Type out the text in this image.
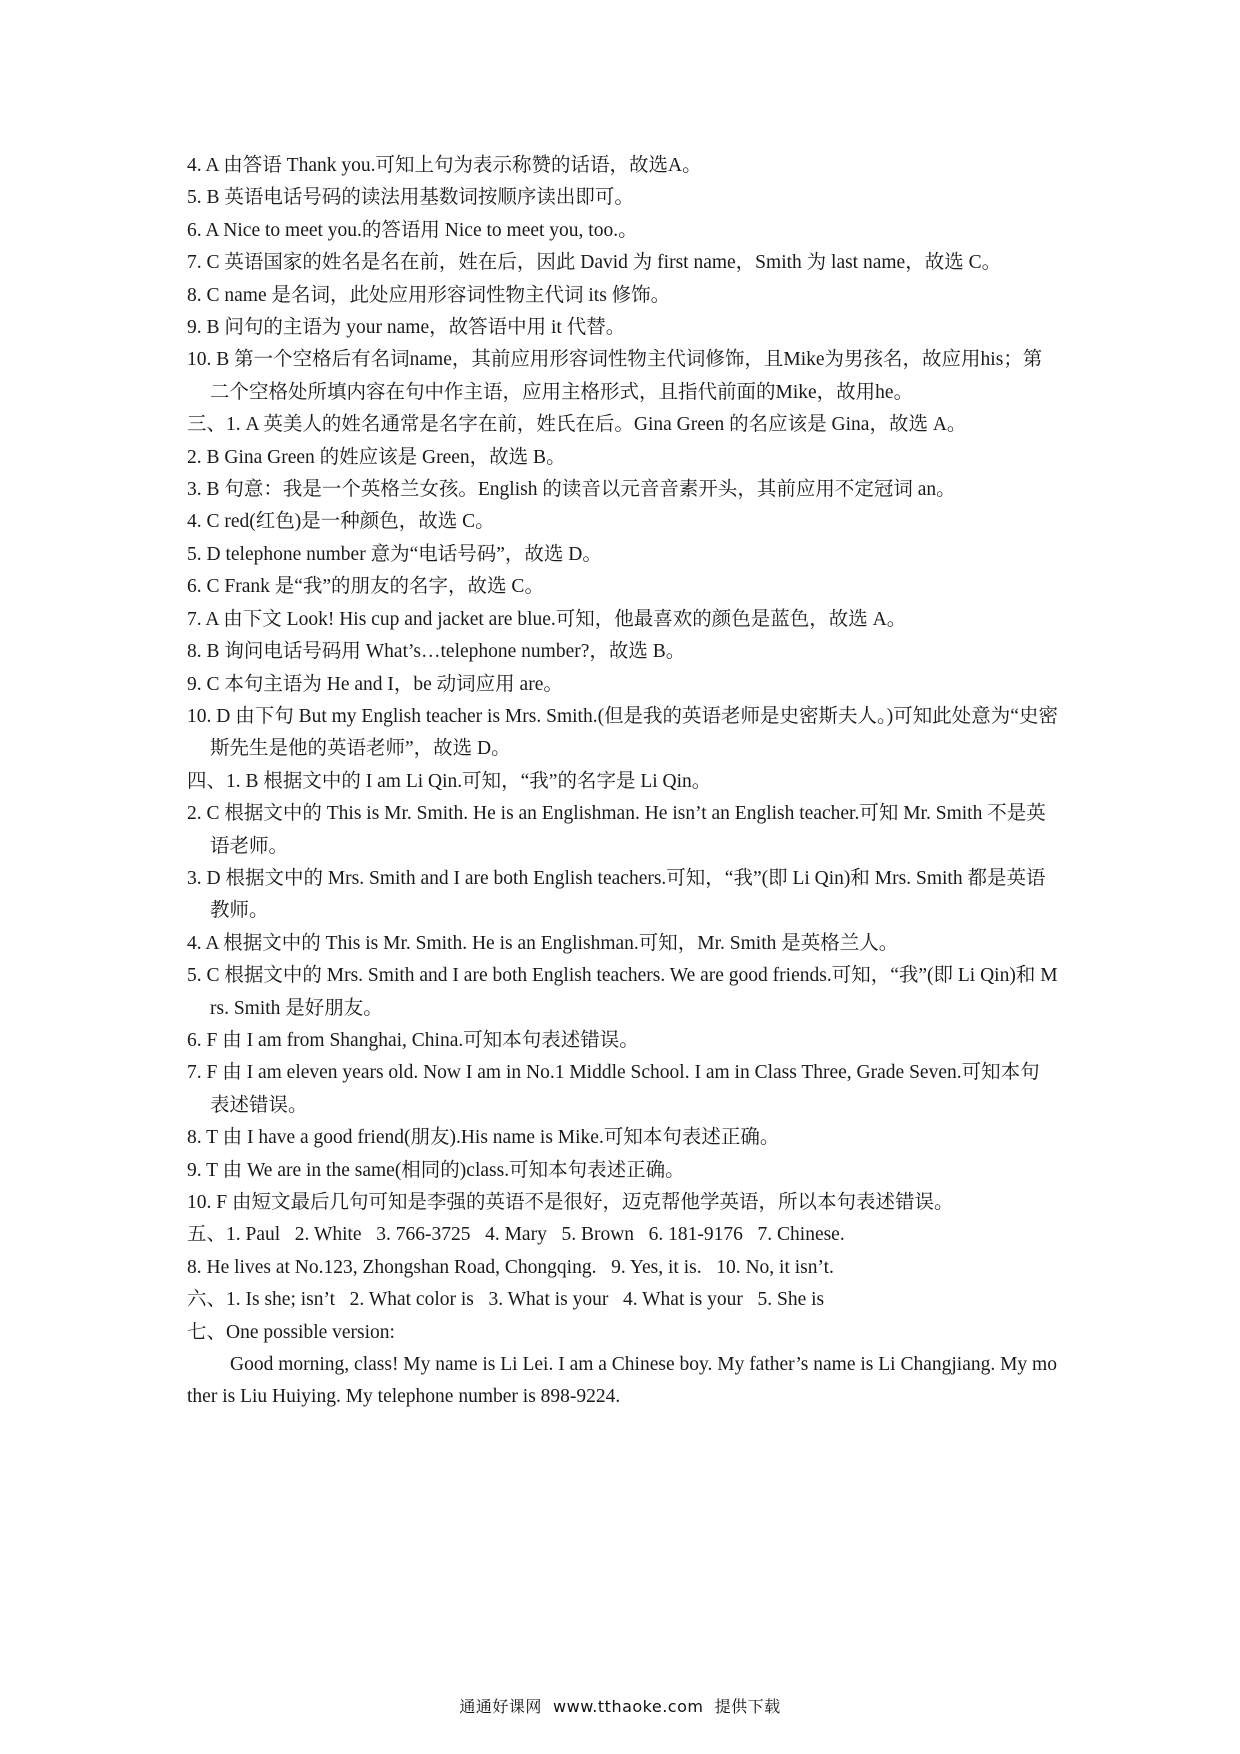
4. A 由答语 Thank you.可知上句为表示称赞的话语，故选A。
5. B 英语电话号码的读法用基数词按顺序读出即可。
6. A Nice to meet you.的答语用 Nice to meet you, too.。
7. C 英语国家的姓名是名在前，姓在后，因此 David 为 first name，Smith 为 last name，故选 C。
8. C name 是名词，此处应用形容词性物主代词 its 修饰。
9. B 问句的主语为 your name，故答语中用 it 代替。
10. B 第一个空格后有名词name，其前应用形容词性物主代词修饰，且Mike为男孩名，故应用his；第二个空格处所填内容在句中作主语，应用主格形式，且指代前面的Mike，故用he。
三、1. A 英美人的姓名通常是名字在前，姓氏在后。Gina Green 的名应该是 Gina，故选 A。
2. B Gina Green 的姓应该是 Green，故选 B。
3. B 句意：我是一个英格兰女孩。English 的读音以元音音素开头，其前应用不定冠词 an。
4. C red(红色)是一种颜色，故选 C。
5. D telephone number 意为“电话号码”，故选 D。
6. C Frank 是“我”的朋友的名字，故选 C。
7. A 由下文 Look! His cup and jacket are blue.可知，他最喜欢的颜色是蓝色，故选 A。
8. B 询问电话号码用 What’s…telephone number?，故选 B。
9. C 本句主语为 He and I，be 动词应用 are。
10. D 由下句 But my English teacher is Mrs. Smith.(但是我的英语老师是史密斯夫人。)可知此处意为“史密斯先生是他的英语老师”，故选 D。
四、1. B 根据文中的 I am Li Qin.可知，“我”的名字是 Li Qin。
2. C 根据文中的 This is Mr. Smith. He is an Englishman. He isn’t an English teacher.可知 Mr. Smith 不是英语老师。
3. D 根据文中的 Mrs. Smith and I are both English teachers.可知，“我”(即 Li Qin)和 Mrs. Smith 都是英语教师。
4. A 根据文中的 This is Mr. Smith. He is an Englishman.可知，Mr. Smith 是英格兰人。
5. C 根据文中的 Mrs. Smith and I are both English teachers. We are good friends.可知，“我”(即 Li Qin)和 Mrs. Smith 是好朋友。
6. F 由 I am from Shanghai, China.可知本句表述错误。
7. F 由 I am eleven years old. Now I am in No.1 Middle School. I am in Class Three, Grade Seven.可知本句表述错误。
8. T 由 I have a good friend(朋友).His name is Mike.可知本句表述正确。
9. T 由 We are in the same(相同的)class.可知本句表述正确。
10. F 由短文最后几句可知是李强的英语不是很好，迈克帮他学英语，所以本句表述错误。
五、1. Paul   2. White   3. 766-3725   4. Mary   5. Brown   6. 181-9176   7. Chinese.
8. He lives at No.123, Zhongshan Road, Chongqing.   9. Yes, it is.   10. No, it isn’t.
六、1. Is she; isn’t   2. What color is   3. What is your   4. What is your   5. She is
七、One possible version:
Good morning, class! My name is Li Lei. I am a Chinese boy. My father’s name is Li Changjiang. My mother is Liu Huiying. My telephone number is 898-9224.
通通好课网  www.tthaoke.com  提供下载
